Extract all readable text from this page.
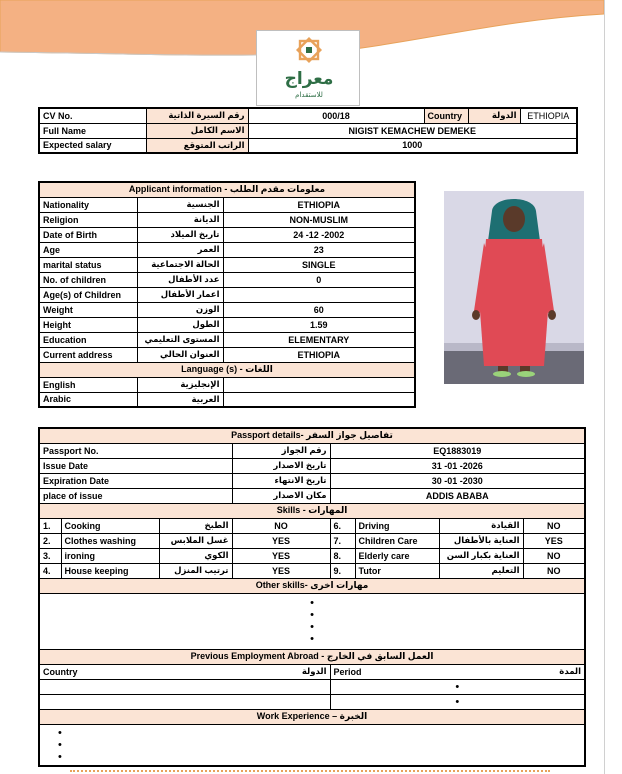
معراج
للاستقدام
CV No.	رقم السيرة الذاتية	000/18	Country	الدولة	ETHIOPIA
Full Name	الاسم الكامل	NIGIST KEMACHEW DEMEKE			
Expected salary	الراتب المتوقع	1000			
Applicant information - معلومات مقدم الطلب		
Nationality	الجنسية	ETHIOPIA
Religion	الديانة	NON-MUSLIM
Date of Birth	تاريخ الميلاد	24 -12 -2002
Age	العمر	23
marital status	الحالة الاجتماعية	SINGLE
No. of children	عدد الأطفال	0
Age(s) of Children	اعمار الأطفال	
Weight	الوزن	60
Height	الطول	1.59
Education	المستوى التعليمي	ELEMENTARY
Current address	العنوان الحالي	ETHIOPIA
Language (s) - اللغات		
English	الإنجليزية	
Arabic	العربية	
Passport details- تفاصيل جواز السفر							
Passport No.			رقم الجواز	EQ1883019			
Issue Date			تاريخ الاصدار	31 -01 -2026			
Expiration Date			تاريخ الانتهاء	30 -01 -2030			
place of issue			مكان الاصدار	ADDIS ABABA			
Skills - المهارات							
1.	Cooking	الطبخ	NO	6.	Driving	القيادة	NO
2.	Clothes washing	غسل الملابس	YES	7.	Children Care	العناية بالأطفال	YES
3.	ironing	الكوي	YES	8.	Elderly care	العناية بكبار السن	NO
4.	House keeping	ترتيب المنزل	YES	9.	Tutor	التعليم	NO
Other skills- مهارات اخرى							

•
•
•
•							

Previous Employment Abroad - العمل السابق في الخارج							
Country			الدولة	Period		المدة	
				•			
				•			
Work Experience – الخبرة							

•
•
•							
